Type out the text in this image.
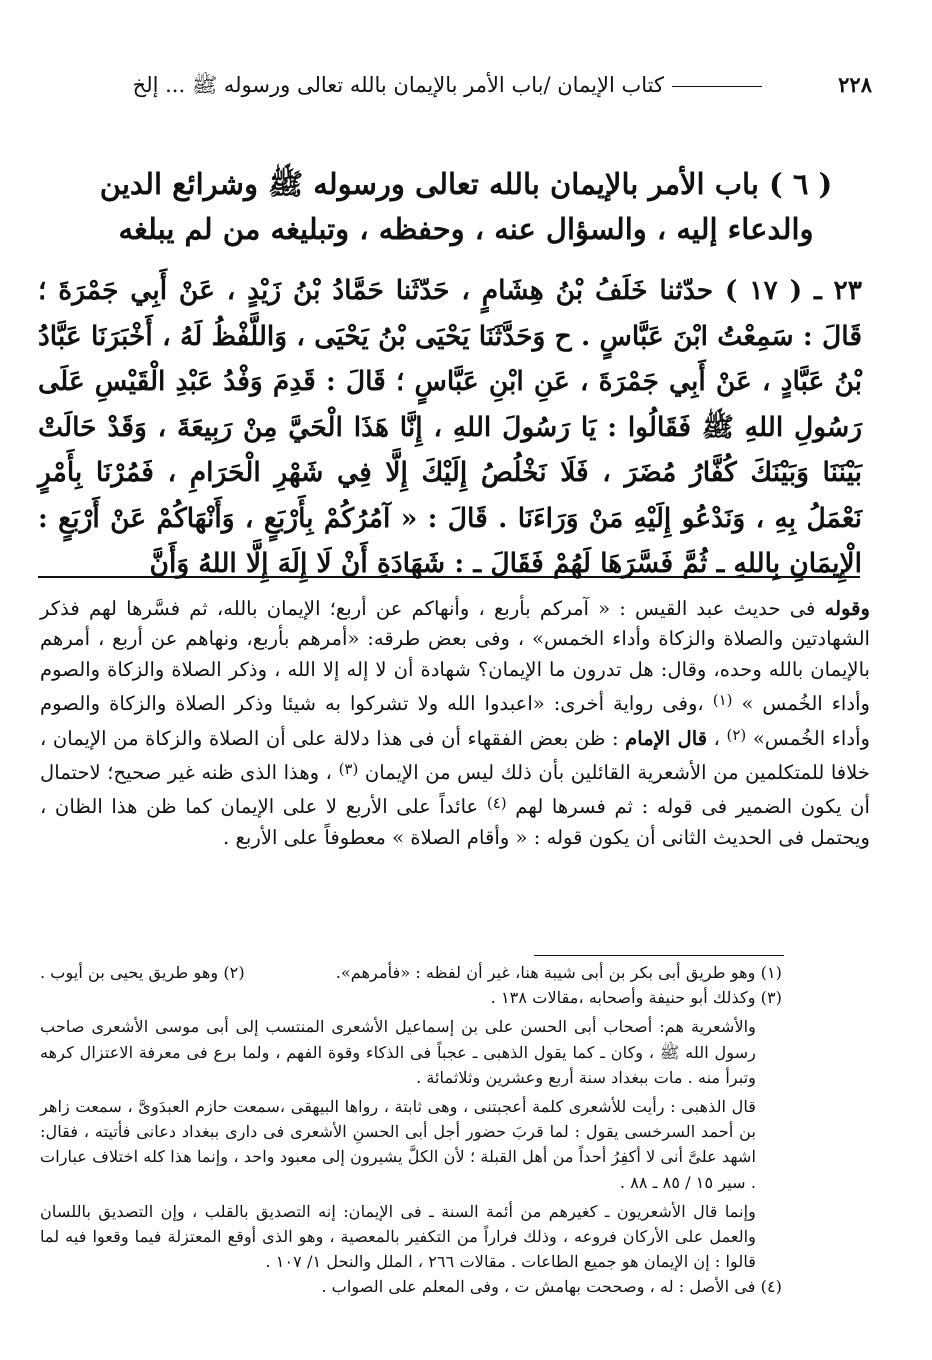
٢٢٨
كتاب الإيمان /باب الأمر بالإيمان بالله تعالى ورسوله ﷺ ... إلخ
( ٦ ) باب الأمر بالإيمان بالله تعالى ورسوله ﷺ وشرائع الدين
والدعاء إليه ، والسؤال عنه ، وحفظه ، وتبليغه من لم يبلغه

٢٣ ـ ( ١٧ ) حدّثنا خَلَفُ بْنُ هِشَامٍ ، حَدّثَنا حَمَّادُ بْنُ زَيْدٍ ، عَنْ أَبِي جَمْرَةَ ؛ قَالَ : سَمِعْتُ ابْنَ عَبَّاسٍ . ح وَحَدَّثَنَا يَحْيَى بْنُ يَحْيَى ، وَاللَّفْظُ لَهُ ، أَخْبَرَنَا عَبَّادُ بْنُ عَبَّادٍ ، عَنْ أَبِي جَمْرَةَ ، عَنِ ابْنِ عَبَّاسٍ ؛ قَالَ : قَدِمَ وَفْدُ عَبْدِ الْقَيْسِ عَلَى رَسُولِ اللهِ ﷺ فَقَالُوا : يَا رَسُولَ اللهِ ، إِنَّا هَذَا الْحَيَّ مِنْ رَبِيعَةَ ، وَقَدْ حَالَتْ بَيْنَنَا وَبَيْنَكَ كُفَّارُ مُضَرَ ، فَلَا نَخْلُصُ إِلَيْكَ إِلَّا فِي شَهْرِ الْحَرَامِ ، فَمُرْنَا بِأَمْرٍ نَعْمَلُ بِهِ ، وَنَدْعُو إِلَيْهِ مَنْ وَرَاءَنَا . قَالَ : « آمُرُكُمْ بِأَرْبَعٍ ، وَأَنْهَاكُمْ عَنْ أَرْبَعٍ : الْإِيمَانِ بِاللهِ ـ ثُمَّ فَسَّرَهَا لَهُمْ فَقَالَ ـ : شَهَادَةِ أَنْ لَا إِلَهَ إِلَّا اللهُ وَأَنَّ

وقوله فى حديث عبد القيس : « آمركم بأربع ، وأنهاكم عن أربع؛ الإيمان بالله، ثم فسَّرها لهم فذكر الشهادتين والصلاة والزكاة وأداء الخمس» ، وفى بعض طرقه: «أمرهم بأربع، ونهاهم عن أربع ، أمرهم بالإيمان بالله وحده، وقال: هل تدرون ما الإيمان؟ شهادة أن لا إله إلا الله ، وذكر الصلاة والزكاة والصوم وأداء الخُمس » $^{(١)}$ ،وفى رواية أخرى: «اعبدوا الله ولا تشركوا به شيئا وذكر الصلاة والزكاة والصوم وأداء الخُمس» $^{(٢)}$ ، قال الإمام : ظن بعض الفقهاء أن فى هذا دلالة على أن الصلاة والزكاة من الإيمان ، خلافا للمتكلمين من الأشعرية القائلين بأن ذلك ليس من الإيمان $^{(٣)}$ ، وهذا الذى ظنه غير صحيح؛ لاحتمال أن يكون الضمير فى قوله : ثم فسرها لهم $^{(٤)}$ عائداً على الأربع لا على الإيمان كما ظن هذا الظان ، ويحتمل فى الحديث الثانى أن يكون قوله : « وأقام الصلاة » معطوفاً على الأربع .

(١) وهو طريق أبى بكر بن أبى شيبة هنا، غير أن لفظه : «فأمرهم».
(٢) وهو طريق يحيى بن أيوب .

(٣) وكذلك أبو حنيفة وأصحابه ،مقالات ١٣٨ .

والأشعرية هم: أصحاب أبى الحسن على بن إسماعيل الأشعرى المنتسب إلى أبى موسى الأشعرى صاحب رسول الله ﷺ ، وكان ـ كما يقول الذهبى ـ عجباً فى الذكاء وقوة الفهم ، ولما برع فى معرفة الاعتزال كرهه وتبرأ منه . مات ببغداد سنة أربع وعشرين وثلاثمائة .

قال الذهبى : رأيت للأشعرى كلمة أعجبتنى ، وهى ثابتة ، رواها البيهقى ،سمعت حازم العبدَوىَّ ، سمعت زاهر بن أحمد السرخسى يقول : لما قربَ حضور أجل أبى الحسنِ الأشعرى فى دارى ببغداد دعانى فأتيته ، فقال: اشهد علىَّ أنى لا أكفِرُ أحداً من أهل القبلة ؛ لأن الكلَّ يشيرون إلى معبود واحد ، وإنما هذا كله اختلاف عبارات . سير ١٥ / ٨٥ ـ ٨٨ .

وإنما قال الأشعريون ـ كغيرهم من أئمة السنة ـ فى الإيمان: إنه التصديق بالقلب ، وإن التصديق باللسان والعمل على الأركان فروعه ، وذلك فراراً من التكفير بالمعصية ، وهو الذى أوقع المعتزلة فيما وقعوا فيه لما قالوا : إن الإيمان هو جميع الطاعات . مقالات ٢٦٦ ، الملل والنحل ١/ ١٠٧ .

(٤) فى الأصل : له ، وصححت بهامش ت ، وفى المعلم على الصواب .
